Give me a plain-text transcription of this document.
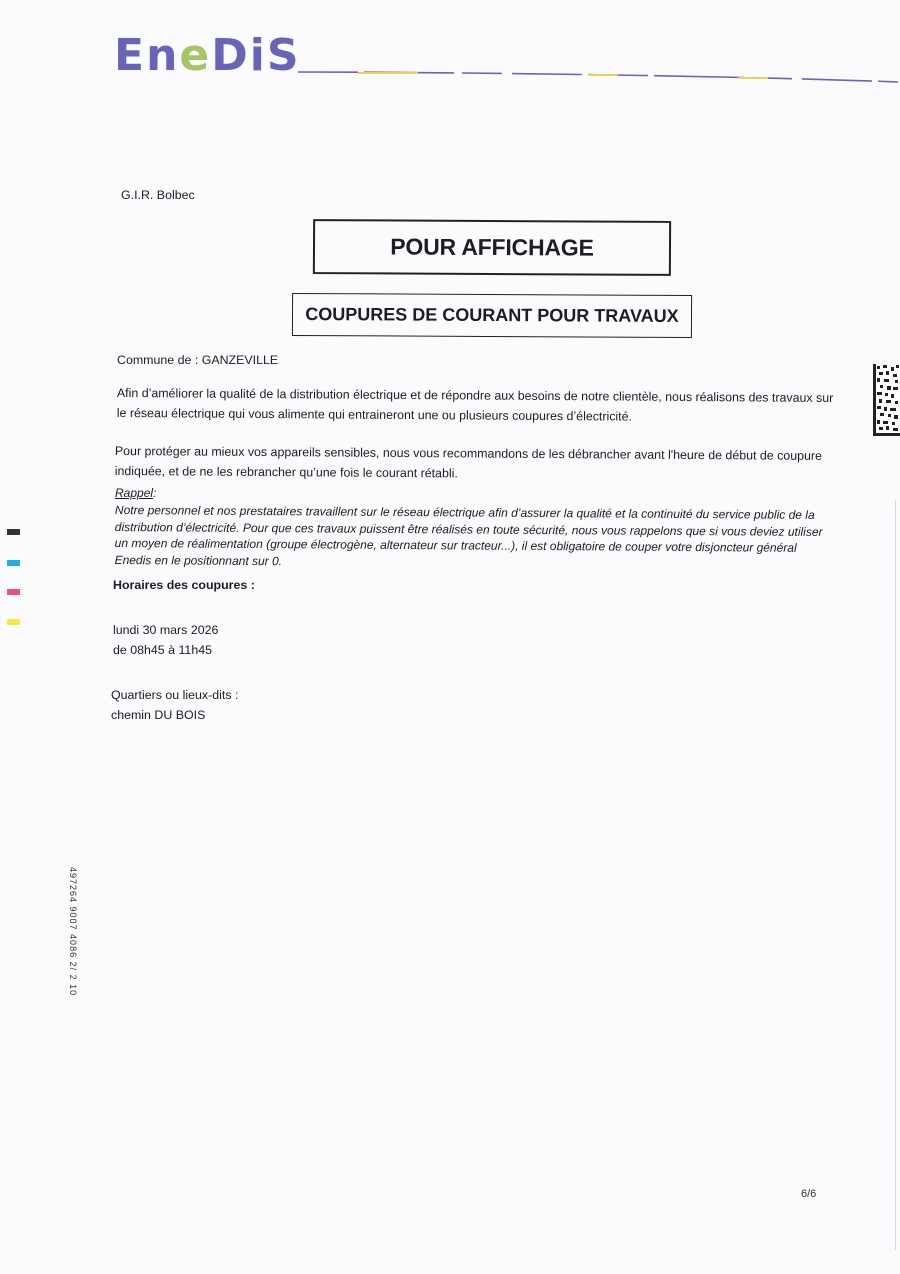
EneDiS
G.I.R. Bolbec
POUR AFFICHAGE
COUPURES DE COURANT POUR TRAVAUX
Commune de : GANZEVILLE
Afin d’améliorer la qualité de la distribution électrique et de répondre aux besoins de notre clientèle, nous réalisons des travaux sur le réseau électrique qui vous alimente qui entraineront une ou plusieurs coupures d’électricité.
Pour protéger au mieux vos appareils sensibles, nous vous recommandons de les débrancher avant l'heure de début de coupure indiquée, et de ne les rebrancher qu’une fois le courant rétabli.
Rappel:
Notre personnel et nos prestataires travaillent sur le réseau électrique afin d’assurer la qualité et la continuité du service public de la distribution d’électricité. Pour que ces travaux puissent être réalisés en toute sécurité, nous vous rappelons que si vous deviez utiliser un moyen de réalimentation (groupe électrogène, alternateur sur tracteur...), il est obligatoire de couper votre disjoncteur général Enedis en le positionnant sur 0.
Horaires des coupures :
lundi 30 mars 2026
de 08h45 à 11h45
Quartiers ou lieux-dits :
chemin DU BOIS
6/6
497264 9007 4086 2/ 2 10
